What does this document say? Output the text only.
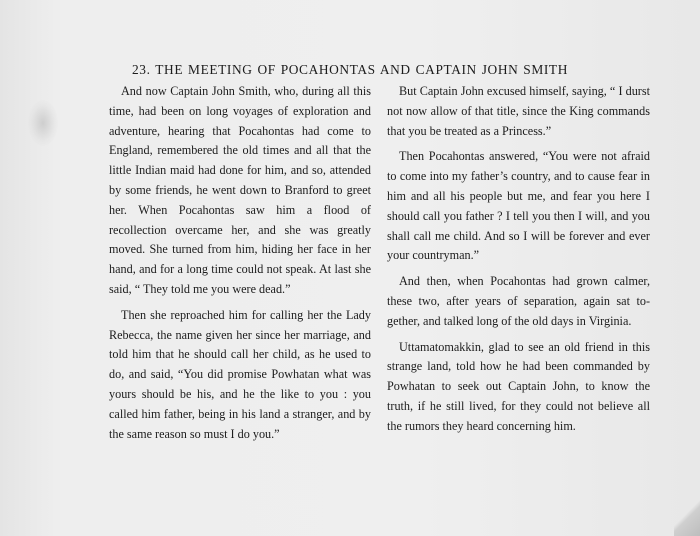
23. THE MEETING OF POCAHONTAS AND CAPTAIN JOHN SMITH

And now Captain John Smith, who, during all this time, had been on long voyages of exploration and adventure, hearing that Pocahontas had come to England, remembered the old times and all that the little Indian maid had done for him, and so, attended by some friends, he went down to Branford to greet her. When Pocahontas saw him a flood of recollection overcame her, and she was greatly moved. She turned from him, hiding her face in her hand, and for a long time could not speak. At last she said, “ They told me you were dead.”

Then she reproached him for calling her the Lady Rebecca, the name given her since her marriage, and told him that he should call her child, as he used to do, and said, “You did promise Powhatan what was yours should be his, and he the like to you : you called him father, being in his land a stranger, and by the same reason so must I do you.”

But Captain John excused himself, saying, “ I durst not now allow of that title, since the King commands that you be treated as a Princess.”

Then Pocahontas answered, “You were not afraid to come into my father’s country, and to cause fear in him and all his people but me, and fear you here I should call you father ? I tell you then I will, and you shall call me child. And so I will be forever and ever your countryman.”

And then, when Pocahontas had grown calmer, these two, after years of separation, again sat together, and talked long of the old days in Virginia.

Uttamatomakkin, glad to see an old friend in this strange land, told how he had been commanded by Powhatan to seek out Captain John, to know the truth, if he still lived, for they could not believe all the rumors they heard concerning him.
